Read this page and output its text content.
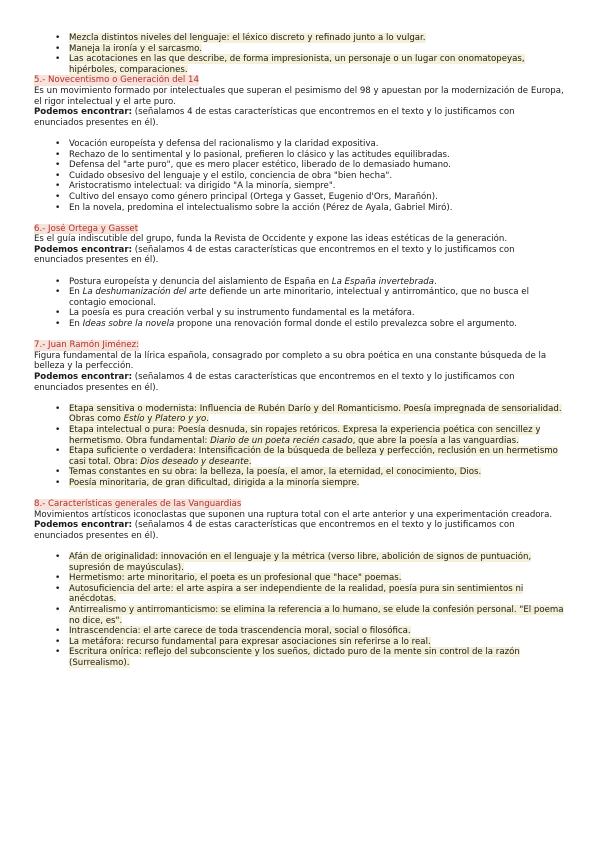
• Mezcla distintos niveles del lenguaje: el léxico discreto y refinado junto a lo vulgar.
• Maneja la ironía y el sarcasmo.
• Las acotaciones en las que describe, de forma impresionista, un personaje o un lugar con onomatopeyas, hipérboles, comparaciones.

5.- Novecentismo o Generación del 14

Es un movimiento formado por intelectuales que superan el pesimismo del 98 y apuestan por la modernización de Europa, el rigor intelectual y el arte puro.

Podemos encontrar: (señalamos 4 de estas características que encontremos en el texto y lo justificamos con enunciados presentes en él).

• Vocación europeísta y defensa del racionalismo y la claridad expositiva.
• Rechazo de lo sentimental y lo pasional, prefieren lo clásico y las actitudes equilibradas.
• Defensa del "arte puro", que es mero placer estético, liberado de lo demasiado humano.
• Cuidado obsesivo del lenguaje y el estilo, conciencia de obra "bien hecha".
• Aristocratismo intelectual: va dirigido "A la minoría, siempre".
• Cultivo del ensayo como género principal (Ortega y Gasset, Eugenio d'Ors, Marañón).
• En la novela, predomina el intelectualismo sobre la acción (Pérez de Ayala, Gabriel Miró).

6.- José Ortega y Gasset

Es el guía indiscutible del grupo, funda la Revista de Occidente y expone las ideas estéticas de la generación.

Podemos encontrar: (señalamos 4 de estas características que encontremos en el texto y lo justificamos con enunciados presentes en él).

• Postura europeísta y denuncia del aislamiento de España en La España invertebrada.
• En La deshumanización del arte defiende un arte minoritario, intelectual y antirromántico, que no busca el contagio emocional.
• La poesía es pura creación verbal y su instrumento fundamental es la metáfora.
• En Ideas sobre la novela propone una renovación formal donde el estilo prevalezca sobre el argumento.

7.- Juan Ramón Jiménez:

Figura fundamental de la lírica española, consagrado por completo a su obra poética en una constante búsqueda de la belleza y la perfección.

Podemos encontrar: (señalamos 4 de estas características que encontremos en el texto y lo justificamos con enunciados presentes en él).

• Etapa sensitiva o modernista: Influencia de Rubén Darío y del Romanticismo. Poesía impregnada de sensorialidad. Obras como Estío y Platero y yo.
• Etapa intelectual o pura: Poesía desnuda, sin ropajes retóricos. Expresa la experiencia poética con sencillez y hermetismo. Obra fundamental: Diario de un poeta recién casado, que abre la poesía a las vanguardias.
• Etapa suficiente o verdadera: Intensificación de la búsqueda de belleza y perfección, reclusión en un hermetismo casi total. Obra: Dios deseado y deseante.
• Temas constantes en su obra: la belleza, la poesía, el amor, la eternidad, el conocimiento, Dios.
• Poesía minoritaria, de gran dificultad, dirigida a la minoría siempre.

8.- Características generales de las Vanguardias

Movimientos artísticos iconoclastas que suponen una ruptura total con el arte anterior y una experimentación creadora.

Podemos encontrar: (señalamos 4 de estas características que encontremos en el texto y lo justificamos con enunciados presentes en él).

• Afán de originalidad: innovación en el lenguaje y la métrica (verso libre, abolición de signos de puntuación, supresión de mayúsculas).
• Hermetismo: arte minoritario, el poeta es un profesional que "hace" poemas.
• Autosuficiencia del arte: el arte aspira a ser independiente de la realidad, poesía pura sin sentimientos ni anécdotas.
• Antirrealismo y antirromanticismo: se elimina la referencia a lo humano, se elude la confesión personal. "El poema no dice, es".
• Intrascendencia: el arte carece de toda trascendencia moral, social o filosófica.
• La metáfora: recurso fundamental para expresar asociaciones sin referirse a lo real.
• Escritura onírica: reflejo del subconsciente y los sueños, dictado puro de la mente sin control de la razón (Surrealismo).
